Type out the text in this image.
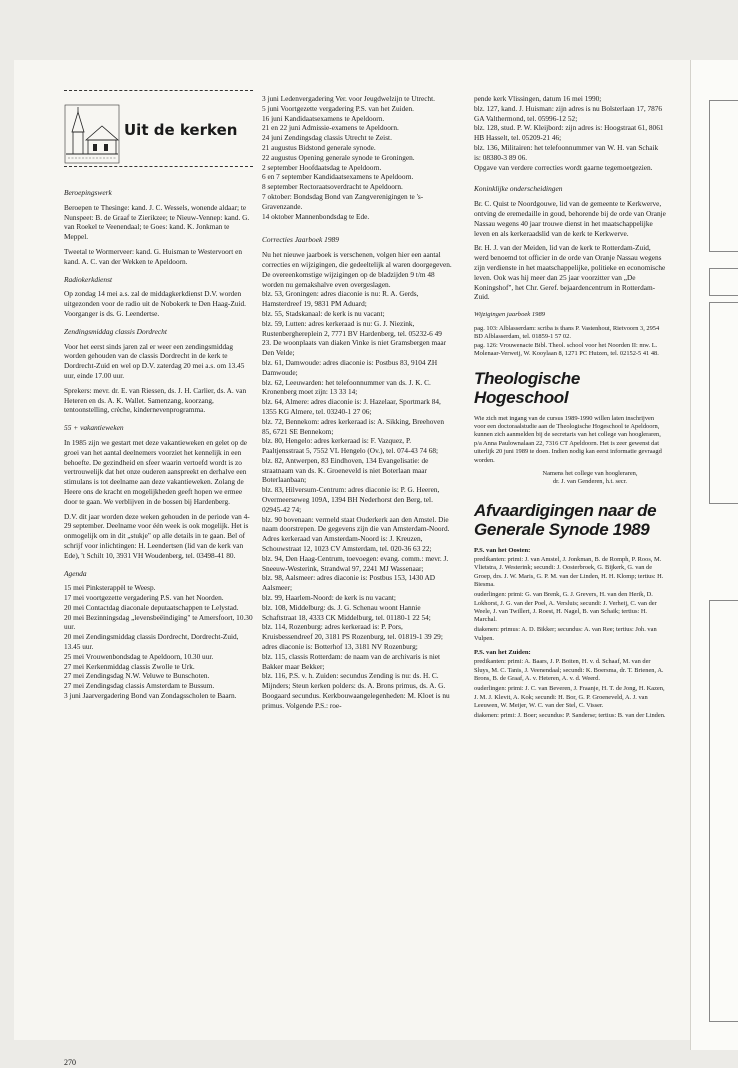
Uit de kerken
Beroepingswerk

Beroepen te Thesinge: kand. J. C. Wessels, wonende aldaar; te Nunspeet: B. de Graaf te Zierikzee; te Nieuw-Vennep: kand. G. van Roekel te Veenendaal; te Goes: kand. K. Jonkman te Meppel.

Tweetal te Wormerveer: kand. G. Huisman te Westervoort en kand. A. C. van der Wekken te Apeldoorn.

Radiokerkdienst

Op zondag 14 mei a.s. zal de middagkerkdienst D.V. worden uitgezonden voor de radio uit de Nobokerk te Den Haag-Zuid. Voorganger is ds. G. Leendertse.

Zendingsmiddag classis Dordrecht

Voor het eerst sinds jaren zal er weer een zendingsmiddag worden gehouden van de classis Dordrecht in de kerk te Dordrecht-Zuid en wel op D.V. zaterdag 20 mei a.s. om 13.45 uur, einde 17.00 uur.

Sprekers: mevr. dr. E. van Riessen, ds. J. H. Carlier, ds. A. van Heteren en ds. A. K. Wallet. Samenzang, koorzang, tentoonstelling, crèche, kindernevenprogramma.

55 + vakantieweken

In 1985 zijn we gestart met deze vakantieweken en gelet op de groei van het aantal deelnemers voorziet het kennelijk in een behoefte. De gezindheid en sfeer waarin vertoefd wordt is zo vertrouwelijk dat het onze ouderen aanspreekt en derhalve een stimulans is tot deelname aan deze vakantieweken. Zolang de Heere ons de kracht en mogelijkheden geeft hopen we ermee door te gaan. We verblijven in de bossen bij Hardenberg.

D.V. dit jaar worden deze weken gehouden in de periode van 4-29 september. Deelname voor één week is ook mogelijk. Het is onmogelijk om in dit „stukje" op alle details in te gaan. Bel of schrijf voor inlichtingen: H. Leendertsen (lid van de kerk van Ede), 't Schilt 10, 3931 VH Woudenberg, tel. 03498-41 80.

Agenda

15 mei Pinksterappèl te Weesp.

17 mei voortgezette vergadering P.S. van het Noorden.

20 mei Contactdag diaconale deputaatschappen te Lelystad.

20 mei Bezinningsdag „levensbeëindiging" te Amersfoort, 10.30 uur.

20 mei Zendingsmiddag classis Dordrecht, Dordrecht-Zuid, 13.45 uur.

25 mei Vrouwenbondsdag te Apeldoorn, 10.30 uur.

27 mei Kerkenmiddag classis Zwolle te Urk.

27 mei Zendingsdag N.W. Veluwe te Bunschoten.

27 mei Zendingsdag classis Amsterdam te Bussum.

3 juni Jaarvergadering Bond van Zondagsscholen te Baarn.

3 juni Ledenvergadering Ver. voor Jeugdwelzijn te Utrecht.

5 juni Voortgezette vergadering P.S. van het Zuiden.

16 juni Kandidaatsexamens te Apeldoorn.

21 en 22 juni Admissie-examens te Apeldoorn.

24 juni Zendingsdag classis Utrecht te Zeist.

21 augustus Bidstond generale synode.

22 augustus Opening generale synode te Groningen.

2 september Hoofdaatsdag te Apeldoorn.

6 en 7 september Kandidaatsexamens te Apeldoorn.

8 september Rectoraatsoverdracht te Apeldoorn.

7 oktober: Bondsdag Bond van Zangverenigingen te 's-Gravenzande.

14 oktober Mannenbondsdag te Ede.

Correcties Jaarboek 1989

Nu het nieuwe jaarboek is verschenen, volgen hier een aantal correcties en wijzigingen, die gedeeltelijk al waren doorgegeven.

De overeenkomstige wijzigingen op de bladzijden 9 t/m 48 worden nu gemakshalve even overgeslagen.

blz. 53, Groningen: adres diaconie is nu: R. A. Gerds, Hamsterdreef 19, 9831 PM Aduard;

blz. 55, Stadskanaal: de kerk is nu vacant;

blz. 59, Lutten: adres kerkeraad is nu: G. J. Niezink, Rustenberghereplein 2, 7771 BV Hardenberg, tel. 05232-6 49 23. De woonplaats van diaken Vinke is niet Gramsbergen maar Den Velde;

blz. 61, Damwoude: adres diaconie is: Postbus 83, 9104 ZH Damwoude;

blz. 62, Leeuwarden: het telefoonnummer van ds. J. K. C. Kronenberg moet zijn: 13 33 14;

blz. 64, Almere: adres diaconie is: J. Hazelaar, Sportmark 84, 1355 KG Almere, tel. 03240-1 27 06;

blz. 72, Bennekom: adres kerkeraad is: A. Sikking, Breehoven 85, 6721 SE Bennekom;

blz. 80, Hengelo: adres kerkeraad is: F. Vazquez, P. Paaltjensstraat 5, 7552 VL Hengelo (Ov.), tel. 074-43 74 68;

blz. 82, Antwerpen, 83 Eindhoven, 134 Evangelisatie: de straatnaam van ds. K. Groeneveld is niet Boterlaan maar Boterlaanbaan;

blz. 83, Hilversum-Centrum: adres diaconie is: P. G. Heeren, Overmeerseweg 109A, 1394 BH Nederhorst den Berg, tel. 02945-42 74;

blz. 90 bovenaan: vermeld staat Ouderkerk aan den Amstel. Die naam doorstrepen. De gegevens zijn die van Amsterdam-Noord.

Adres kerkeraad van Amsterdam-Noord is: J. Kreuzen, Schouwstraat 12, 1023 CV Amsterdam, tel. 020-36 63 22;

blz. 94, Den Haag-Centrum, toevoegen: evang. comm.: mevr. J. Sneeuw-Westerink, Strandwal 97, 2241 MJ Wassenaar;

blz. 98, Aalsmeer: adres diaconie is: Postbus 153, 1430 AD Aalsmeer;

blz. 99, Haarlem-Noord: de kerk is nu vacant;

blz. 108, Middelburg: ds. J. G. Schenau woont Hannie Schaftstraat 18, 4333 CK Middelburg, tel. 01180-1 22 54;

blz. 114, Rozenburg: adres kerkeraad is: P. Pors, Kruisbessendreef 20, 3181 PS Rozenburg, tel. 01819-1 39 29; adres diaconie is: Botterhof 13, 3181 NV Rozenburg;

blz. 115, classis Rotterdam: de naam van de archivaris is niet Bakker maar Bekker;

blz. 116, P.S. v. h. Zuiden: secundus Zending is nu: ds. H. C. Mijnders; Steun kerken polders: ds. A. Brons primus, ds. A. G. Boogaard secundus. Kerkbouwaangelegenheden: M. Kloet is nu primus. Volgende P.S.: roe-

pende kerk Vlissingen, datum 16 mei 1990;

blz. 127, kand. J. Huisman: zijn adres is nu Bolsterlaan 17, 7876 GA Valthermond, tel. 05996-12 52;

blz. 128, stud. P. W. Kleijbord: zijn adres is: Hoogstraat 61, 8061 HB Hasselt, tel. 05209-21 46;

blz. 136, Militairen: het telefoonnummer van W. H. van Schaik is: 08380-3 89 06.

Opgave van verdere correcties wordt gaarne tegemoetgezien.

Koninklijke onderscheidingen

Br. C. Quist te Noordgouwe, lid van de gemeente te Kerkwerve, ontving de eremedaille in goud, behorende bij de orde van Oranje Nassau wegens 40 jaar trouwe dienst in het maatschappelijke leven en als kerkeraadslid van de kerk te Kerkwerve.

Br. H. J. van der Meiden, lid van de kerk te Rotterdam-Zuid, werd benoemd tot officier in de orde van Oranje Nassau wegens zijn verdienste in het maatschappelijke, politieke en economische leven. Ook was hij meer dan 25 jaar voorzitter van „De Koningshof", het Chr. Geref. bejaardencentrum in Rotterdam-Zuid.

Wijzigingen jaarboek 1989

pag. 103: Alblasserdam: scriba is thans P. Vastenhout, Rietvoorn 3, 2954 BD Alblasserdam, tel. 01859-1 57 02.

pag. 126: Vrouwenacte Bibl. Theol. school voor het Noorden II: mw. L. Molenaar-Verweij, W. Kooylaan 8, 1271 PC Huizen, tel. 02152-5 41 48.

Theologische Hogeschool

Wie zich met ingang van de cursus 1989-1990 willen laten inschrijven voor een doctoraalstudie aan de Theologische Hogeschool te Apeldoorn, kunnen zich aanmelden bij de secretaris van het college van hoogleraren, p/a Anna Paulownalaan 22, 7316 CT Apeldoorn. Het is zeer gewenst dat uiterlijk 20 juni 1989 te doen. Indien nodig kan eerst informatie gevraagd worden.

Namens het college van hoogleraren,
dr. J. van Genderen, h.t. secr.
Afvaardigingen naar de Generale Synode 1989

P.S. van het Oosten:

predikanten: primi: J. van Amstel, J. Jonkman, B. de Romph, P. Roos, M. Vlietstra, J. Westerink; secundi: J. Oosterbroek, G. Bijkerk, G. van de Groep, drs. J. W. Maris, G. P. M. van der Linden, H. H. Klomp; tertius: H. Biesma.

ouderlingen: primi: G. van Brenk, G. J. Grevers, H. van den Herik, D. Lokhorst, J. G. van der Poel, A. Versluis; secundi: J. Verheij, C. van der Weele, J. van Twillert, J. Roest, H. Nagel, B. van Schaik; tertius: H. Marchal.

diakenen: primus: A. D. Bikker; secundus: A. van Ree; tertius: Joh. van Vulpen.

P.S. van het Zuiden:

predikanten: primi: A. Baars, J. P. Boiten, H. v. d. Schaaf, M. van der Sluys, M. C. Tanis, J. Veenendaal; secundi: K. Boersma, dr. T. Brienen, A. Brons, B. de Graaf, A. v. Heteren, A. v. d. Weerd.

ouderlingen: primi: J. C. van Beveren, J. Fraanje, H. T. de Jong, H. Kazen, J. M. J. Klevit, A. Kok; secundi: H. Bor, G. P. Groeneveld, A. J. van Leeuwen, W. Meijer, W. C. van der Stel, C. Visser.

diakenen: primi: J. Boer; secundus: P. Sanderse; tertius: B. van der Linden.

270
